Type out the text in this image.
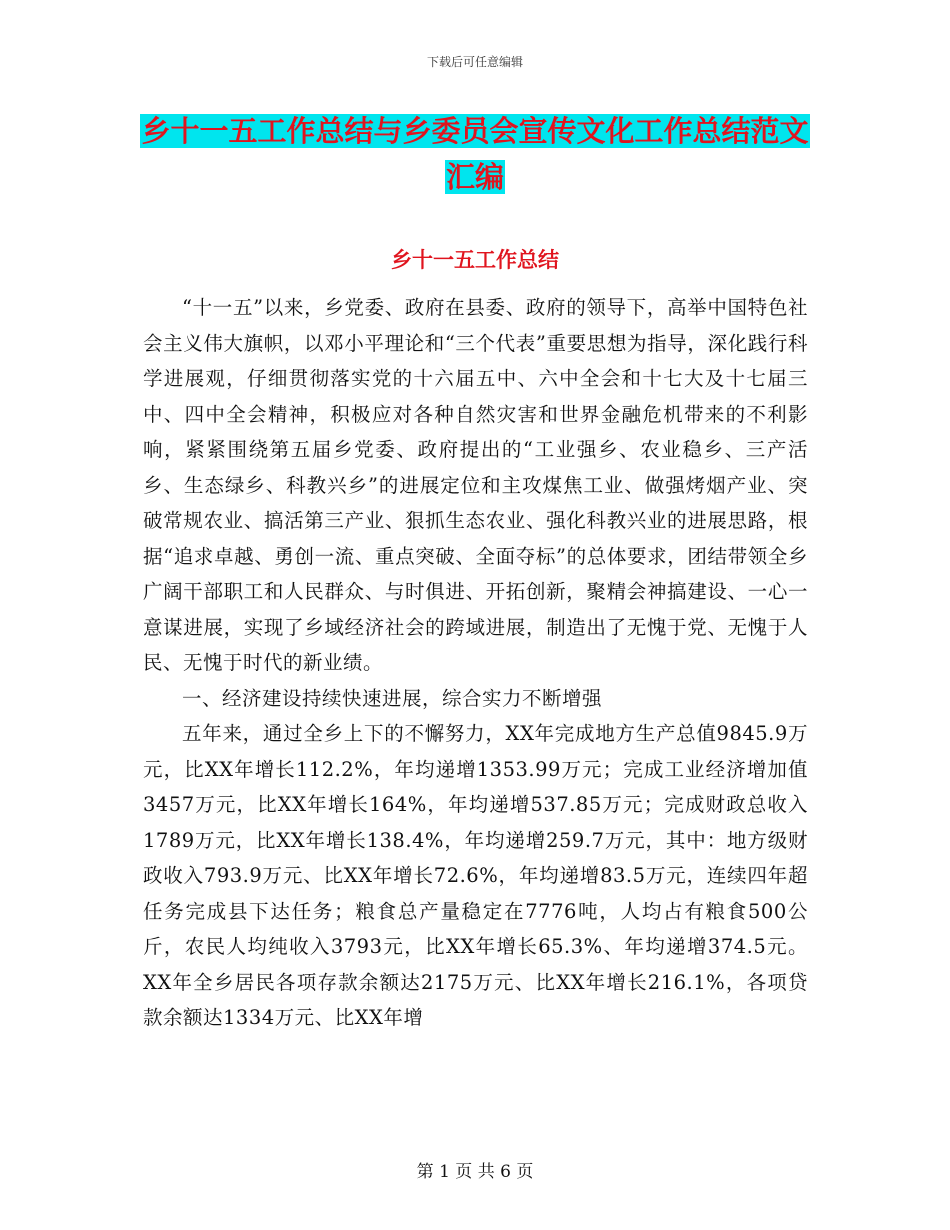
下载后可任意编辑
乡十一五工作总结与乡委员会宣传文化工作总结范文
汇编
乡十一五工作总结

“十一五”以来，乡党委、政府在县委、政府的领导下，高举中国特色社会主义伟大旗帜，以邓小平理论和“三个代表”重要思想为指导，深化践行科学进展观，仔细贯彻落实党的十六届五中、六中全会和十七大及十七届三中、四中全会精神，积极应对各种自然灾害和世界金融危机带来的不利影响，紧紧围绕第五届乡党委、政府提出的“工业强乡、农业稳乡、三产活乡、生态绿乡、科教兴乡”的进展定位和主攻煤焦工业、做强烤烟产业、突破常规农业、搞活第三产业、狠抓生态农业、强化科教兴业的进展思路，根据“追求卓越、勇创一流、重点突破、全面夺标”的总体要求，团结带领全乡广阔干部职工和人民群众、与时俱进、开拓创新，聚精会神搞建设、一心一意谋进展，实现了乡域经济社会的跨域进展，制造出了无愧于党、无愧于人民、无愧于时代的新业绩。

一、经济建设持续快速进展，综合实力不断增强

五年来，通过全乡上下的不懈努力，XX年完成地方生产总值9845.9万元，比XX年增长112.2%，年均递增1353.99万元；完成工业经济增加值3457万元，比XX年增长164%，年均递增537.85万元；完成财政总收入1789万元，比XX年增长138.4%，年均递增259.7万元，其中：地方级财政收入793.9万元、比XX年增长72.6%，年均递增83.5万元，连续四年超任务完成县下达任务；粮食总产量稳定在7776吨，人均占有粮食500公斤，农民人均纯收入3793元，比XX年增长65.3%、年均递增374.5元。XX年全乡居民各项存款余额达2175万元、比XX年增长216.1%，各项贷款余额达1334万元、比XX年增

第 1 页 共 6 页
